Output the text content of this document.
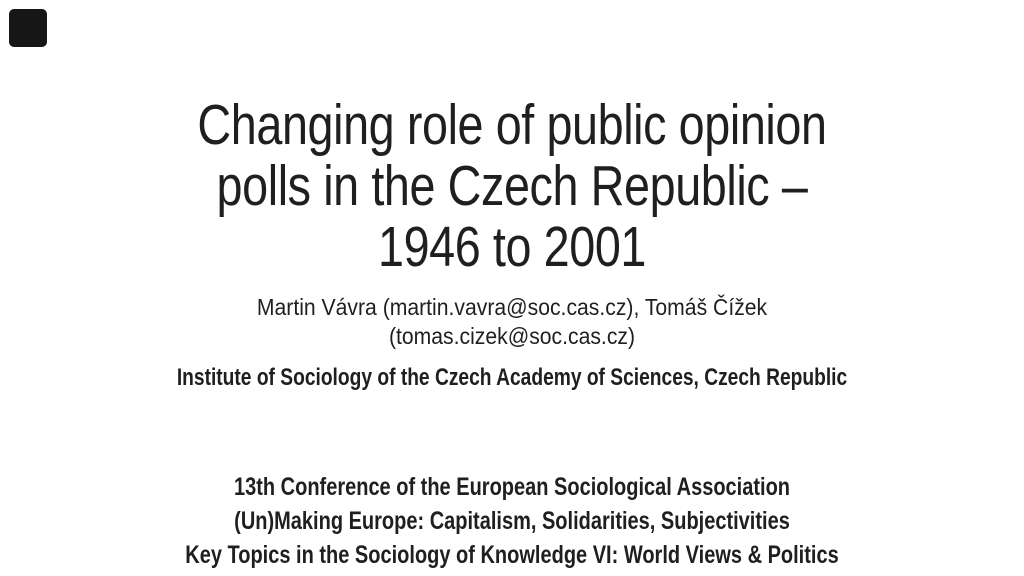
Changing role of public opinion
polls in the Czech Republic –
1946 to 2001
Martin Vávra (martin.vavra@soc.cas.cz), Tomáš Čížek
(tomas.cizek@soc.cas.cz)
Institute of Sociology of the Czech Academy of Sciences, Czech Republic
13th Conference of the European Sociological Association
(Un)Making Europe: Capitalism, Solidarities, Subjectivities
Key Topics in the Sociology of Knowledge VI: World Views & Politics
